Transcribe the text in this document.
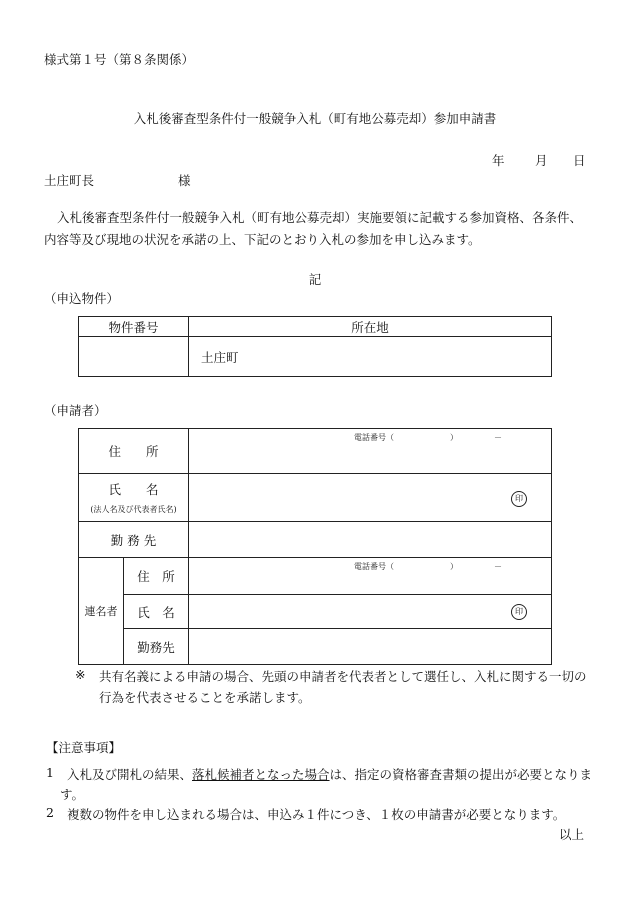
様式第１号（第８条関係）
入札後審査型条件付一般競争入札（町有地公募売却）参加申請書
年 月 日
土庄町長	様
入札後審査型条件付一般競争入札（町有地公募売却）実施要領に記載する参加資格、各条件、内容等及び現地の状況を承諾の上、下記のとおり入札の参加を申し込みます。
記
（申込物件）
物件番号	所在地
	土庄町
（申請者）
住　　所		電話番号（　　　　　　　）　　　　　－

氏　　名
(法人名及び代表者氏名)		印

勤 務 先		
連名者	住　所	電話番号（　　　　　　　）　　　　　－

	氏　名	印

	勤務先	
※ 共有名義による申請の場合、先頭の申請者を代表者として選任し、入札に関する一切の
行為を代表させることを承諾します。
【注意事項】
1 入札及び開札の結果、落札候補者となった場合は、指定の資格審査書類の提出が必要となりま
す。
2 複数の物件を申し込まれる場合は、申込み１件につき、１枚の申請書が必要となります。
以上
